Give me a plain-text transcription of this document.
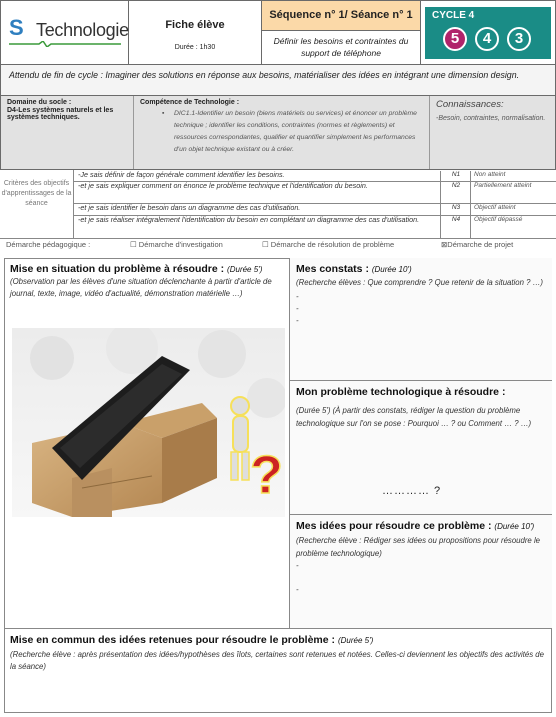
S Technologie	Fiche élève
Durée : 1h30
Séquence n° 1/ Séance n° 1
Définir les besoins et contraintes du support de téléphone
CYCLE 4
5	4	3
Attendu de fin de cycle : Imaginer des solutions en réponse aux besoins, matérialiser des idées en intégrant une dimension design.
Domaine du socle :
D4-Les systèmes naturels et les systèmes techniques.
Compétence de Technologie :
▪ DIC1.1-Identifier un besoin (biens matériels ou services) et énoncer un problème technique ; identifier les conditions, contraintes (normes et règlements) et ressources correspondantes, qualifier et quantifier simplement les performances d'un objet technique existant ou à créer.
Connaissances:
-Besoin, contraintes, normalisation.
Critères des objectifs d'apprentissages de la séance
-Je sais définir de façon générale comment identifier les besoins.	N1	Non atteint
-et je sais expliquer comment on énonce le problème technique et l'identification du besoin.	N2	Partiellement atteint
-et je sais identifier le besoin dans un diagramme des cas d'utilisation.	N3	Objectif atteint
-et je sais réaliser intégralement l'identification du besoin en complétant un diagramme des cas d'utilisation.	N4	Objectif dépassé
Démarche pédagogique :	☐ Démarche d'investigation	☐ Démarche de résolution de problème	⊠Démarche de projet
Mise en situation du problème à résoudre : (Durée 5')
(Observation par les élèves d'une situation déclenchante à partir d'article de journal, texte, image, vidéo d'actualité, démonstration matérielle …)
?
Mes constats : (Durée 10')
(Recherche élèves : Que comprendre ? Que retenir de la situation ? …)
-
-
-
Mon problème technologique à résoudre :
(Durée 5') (À partir des constats, rédiger la question du problème technologique sur l'on se pose : Pourquoi … ? ou Comment … ? …)
………… ?
Mes idées pour résoudre ce problème : (Durée 10')
(Recherche élève : Rédiger ses idées ou propositions pour résoudre le problème technologique)
-
-
Mise en commun des idées retenues pour résoudre le problème : (Durée 5')
(Recherche élève : après présentation des idées/hypothèses des îlots, certaines sont retenues et notées. Celles-ci deviennent les objectifs des activités de la séance)
